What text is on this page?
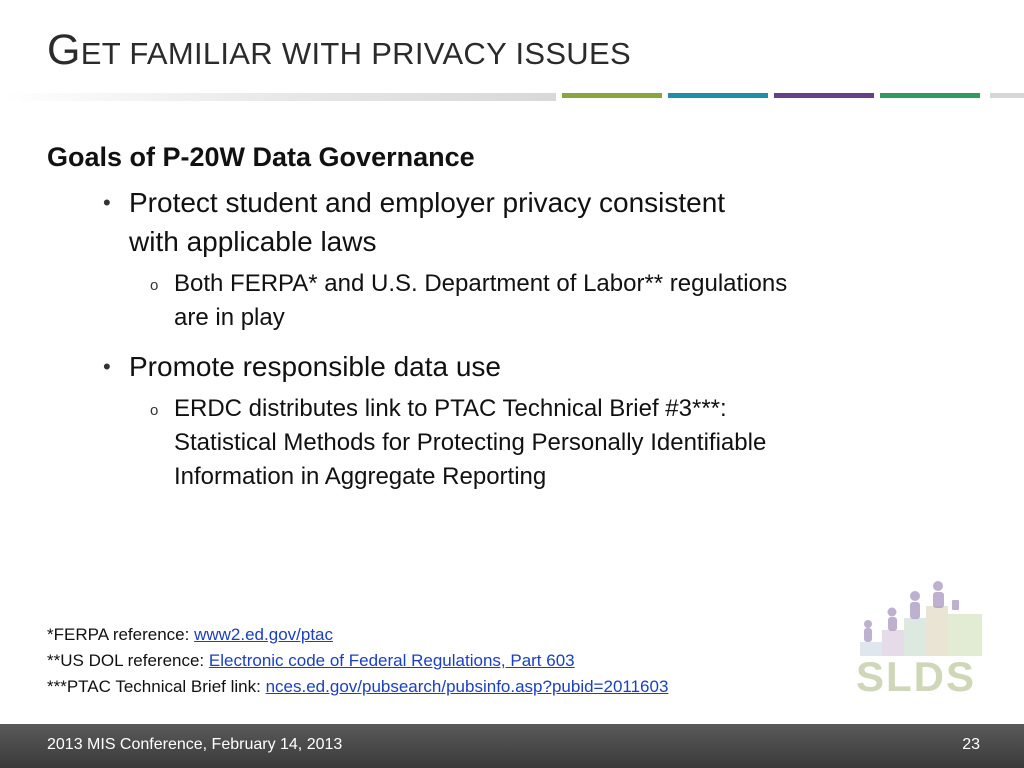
GET FAMILIAR WITH PRIVACY ISSUES
Goals of P-20W Data Governance
• Protect student and employer privacy consistent
with applicable laws
o Both FERPA* and U.S. Department of Labor** regulations
are in play
• Promote responsible data use
o ERDC distributes link to PTAC Technical Brief #3***:
Statistical Methods for Protecting Personally Identifiable
Information in Aggregate Reporting
*FERPA reference: www2.ed.gov/ptac
**US DOL reference: Electronic code of Federal Regulations, Part 603
***PTAC Technical Brief link: nces.ed.gov/pubsearch/pubsinfo.asp?pubid=2011603	SLDS
2013 MIS Conference, February 14, 2013	23
